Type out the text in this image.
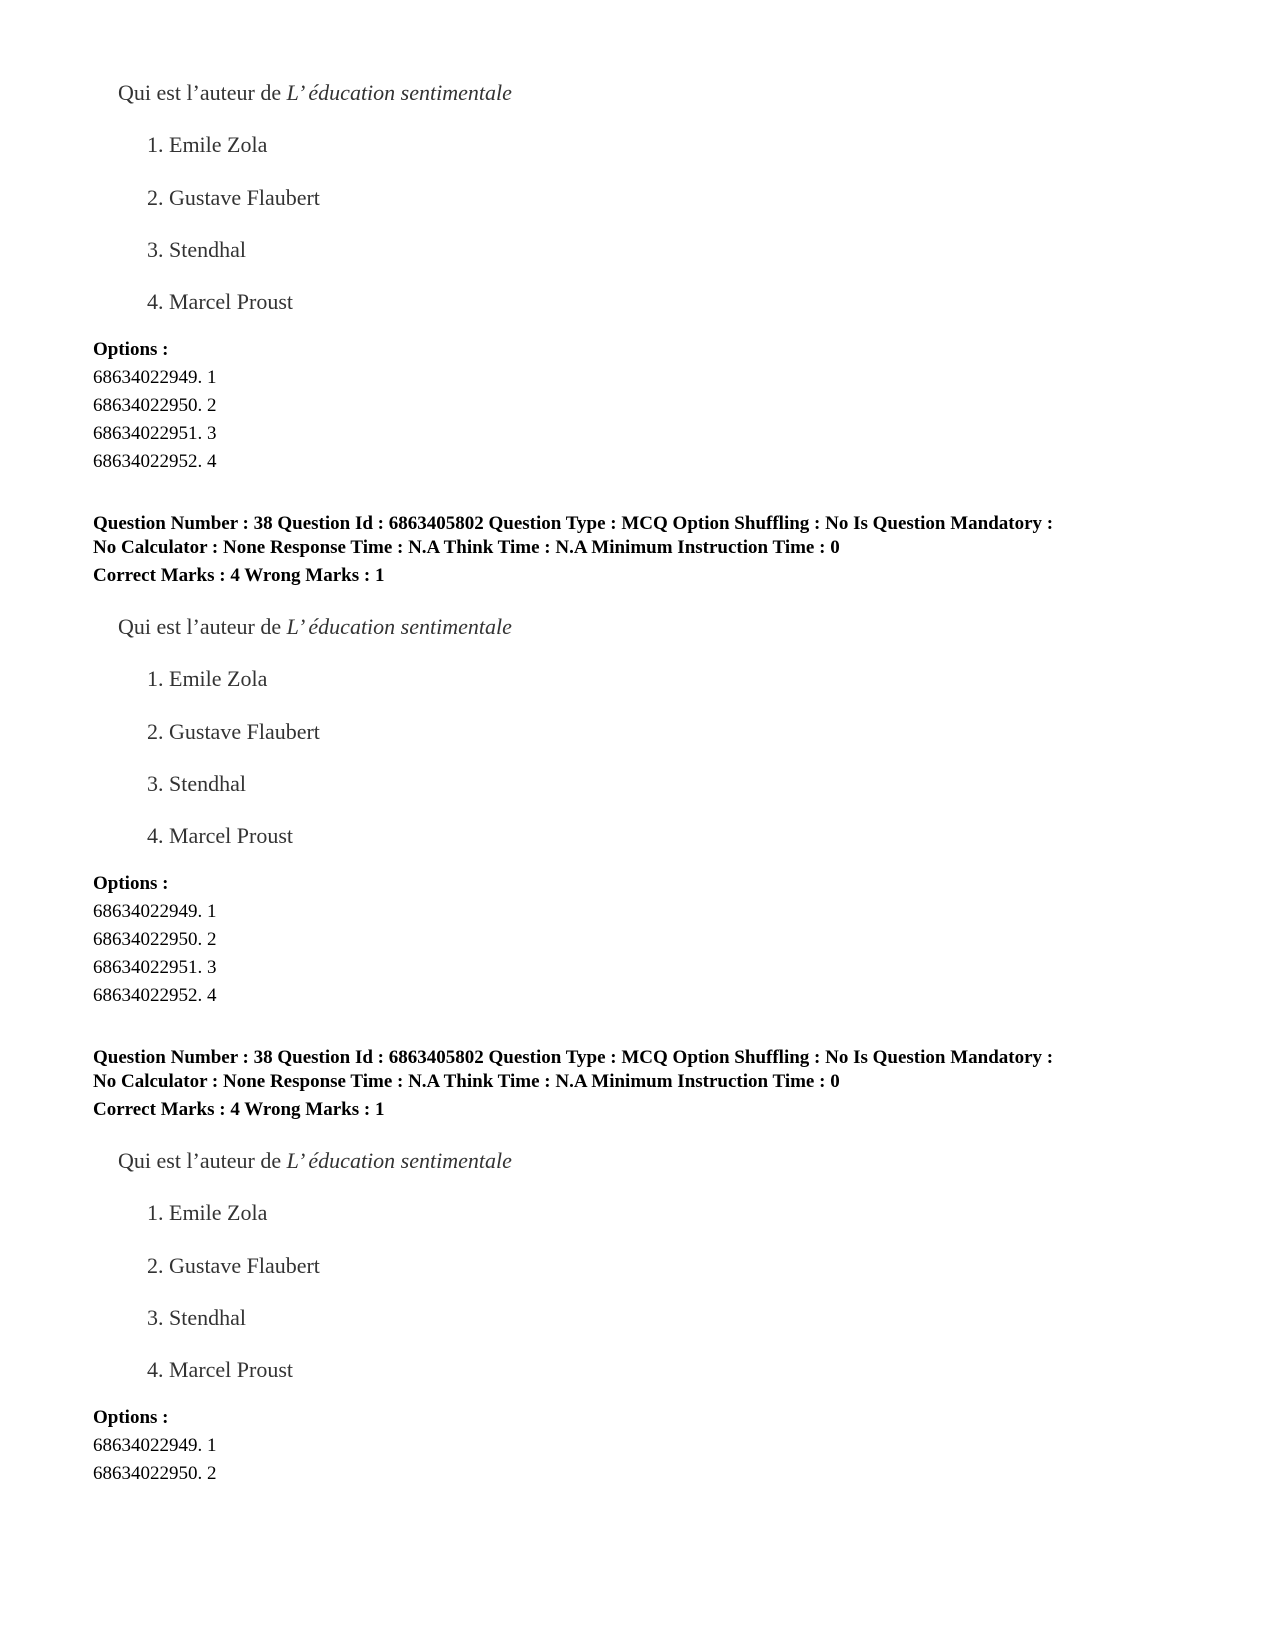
Qui est l’auteur de L’ éducation sentimentale
1. Emile Zola
2. Gustave Flaubert
3. Stendhal
4. Marcel Proust
Options :
68634022949. 1
68634022950. 2
68634022951. 3
68634022952. 4
Question Number : 38 Question Id : 6863405802 Question Type : MCQ Option Shuffling : No Is Question Mandatory :
No Calculator : None Response Time : N.A Think Time : N.A Minimum Instruction Time : 0
Correct Marks : 4 Wrong Marks : 1
Qui est l’auteur de L’ éducation sentimentale
1. Emile Zola
2. Gustave Flaubert
3. Stendhal
4. Marcel Proust
Options :
68634022949. 1
68634022950. 2
68634022951. 3
68634022952. 4
Question Number : 38 Question Id : 6863405802 Question Type : MCQ Option Shuffling : No Is Question Mandatory :
No Calculator : None Response Time : N.A Think Time : N.A Minimum Instruction Time : 0
Correct Marks : 4 Wrong Marks : 1
Qui est l’auteur de L’ éducation sentimentale
1. Emile Zola
2. Gustave Flaubert
3. Stendhal
4. Marcel Proust
Options :
68634022949. 1
68634022950. 2
